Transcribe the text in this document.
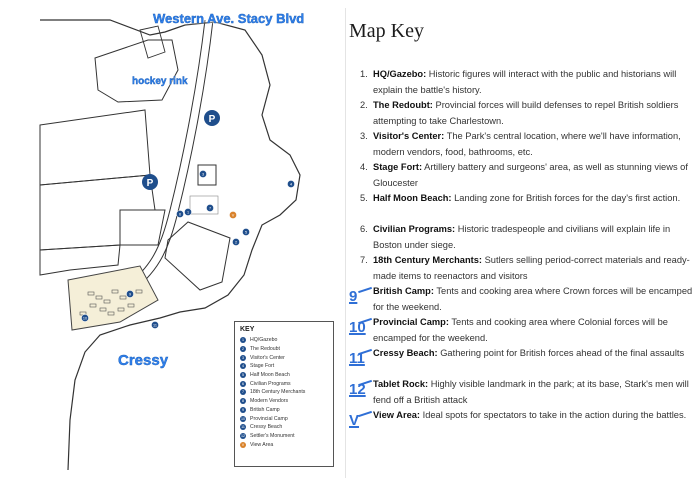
P
P
1
2
3
4
5
6
7
9
10
11
V
Western Ave. Stacy Blvd
hockey rink
Cressy
KEY
1	HQ/Gazebo
2	The Redoubt
3	Visitor's Center
4	Stage Fort
5	Half Moon Beach
6	Civilian Programs
7	18th Century Merchants
8	Modern Vendors
9	British Camp
10 Provincial Camp
11 Cressy Beach
12 Settler's Monument
V	View Area
Map Key
1. HQ/Gazebo: Historic figures will interact with the public and historians will explain the battle's history.
2. The Redoubt: Provincial forces will build defenses to repel British soldiers attempting to take Charlestown.
3. Visitor's Center: The Park's central location, where we'll have information, modern vendors, food, bathrooms, etc.
4. Stage Fort: Artillery battery and surgeons' area, as well as stunning views of Gloucester
5. Half Moon Beach: Landing zone for British forces for the day's first action.
6. Civilian Programs: Historic tradespeople and civilians will explain life in Boston under siege.
7. 18th Century Merchants: Sutlers selling period-correct materials and ready-made items to reenactors and visitors
9 British Camp: Tents and cooking area where Crown forces will be encamped for the weekend.
10 Provincial Camp: Tents and cooking area where Colonial forces will be encamped for the weekend.
11 Cressy Beach: Gathering point for British forces ahead of the final assaults
12 Tablet Rock: Highly visible landmark in the park; at its base, Stark's men will fend off a British attack
V View Area: Ideal spots for spectators to take in the action during the battles.
